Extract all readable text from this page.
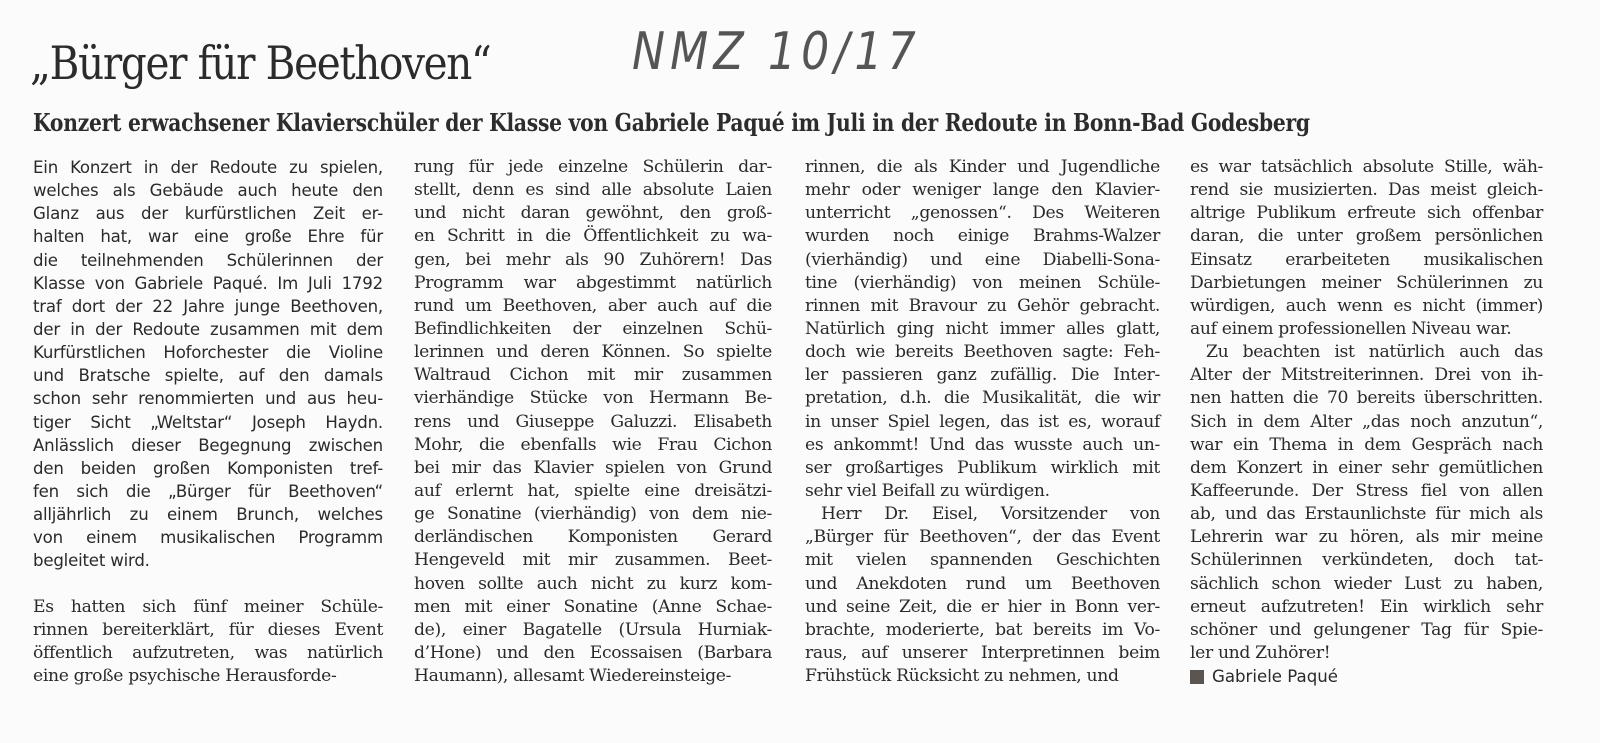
„Bürger für Beethoven“	NMZ 10/17
Konzert erwachsener Klavierschüler der Klasse von Gabriele Paqué im Juli in der Redoute in Bonn-Bad Godesberg
Ein Konzert in der Redoute zu spielen,
welches als Gebäude auch heute den
Glanz aus der kurfürstlichen Zeit er-
halten hat, war eine große Ehre für
die teilnehmenden Schülerinnen der
Klasse von Gabriele Paqué. Im Juli 1792
traf dort der 22 Jahre junge Beethoven,
der in der Redoute zusammen mit dem
Kurfürstlichen Hoforchester die Violine
und Bratsche spielte, auf den damals
schon sehr renommierten und aus heu-
tiger Sicht „Weltstar“ Joseph Haydn.
Anlässlich dieser Begegnung zwischen
den beiden großen Komponisten tref-
fen sich die „Bürger für Beethoven“
alljährlich zu einem Brunch, welches
von einem musikalischen Programm
begleitet wird.
Es hatten sich fünf meiner Schüle-
rinnen bereiterklärt, für dieses Event
öffentlich aufzutreten, was natürlich
eine große psychische Herausforde-
rung für jede einzelne Schülerin dar-
stellt, denn es sind alle absolute Laien
und nicht daran gewöhnt, den groß-
en Schritt in die Öffentlichkeit zu wa-
gen, bei mehr als 90 Zuhörern! Das
Programm war abgestimmt natürlich
rund um Beethoven, aber auch auf die
Befindlichkeiten der einzelnen Schü-
lerinnen und deren Können. So spielte
Waltraud Cichon mit mir zusammen
vierhändige Stücke von Hermann Be-
rens und Giuseppe Galuzzi. Elisabeth
Mohr, die ebenfalls wie Frau Cichon
bei mir das Klavier spielen von Grund
auf erlernt hat, spielte eine dreisätzi-
ge Sonatine (vierhändig) von dem nie-
derländischen Komponisten Gerard
Hengeveld mit mir zusammen. Beet-
hoven sollte auch nicht zu kurz kom-
men mit einer Sonatine (Anne Schae-
de), einer Bagatelle (Ursula Hurniak-
d’Hone) und den Ecossaisen (Barbara
Haumann), allesamt Wiedereinsteige-
rinnen, die als Kinder und Jugendliche
mehr oder weniger lange den Klavier-
unterricht „genossen“. Des Weiteren
wurden noch einige Brahms-Walzer
(vierhändig) und eine Diabelli-Sona-
tine (vierhändig) von meinen Schüle-
rinnen mit Bravour zu Gehör gebracht.
Natürlich ging nicht immer alles glatt,
doch wie bereits Beethoven sagte: Feh-
ler passieren ganz zufällig. Die Inter-
pretation, d.h. die Musikalität, die wir
in unser Spiel legen, das ist es, worauf
es ankommt! Und das wusste auch un-
ser großartiges Publikum wirklich mit
sehr viel Beifall zu würdigen.
Herr Dr. Eisel, Vorsitzender von
„Bürger für Beethoven“, der das Event
mit vielen spannenden Geschichten
und Anekdoten rund um Beethoven
und seine Zeit, die er hier in Bonn ver-
brachte, moderierte, bat bereits im Vo-
raus, auf unserer Interpretinnen beim
Frühstück Rücksicht zu nehmen, und
es war tatsächlich absolute Stille, wäh-
rend sie musizierten. Das meist gleich-
altrige Publikum erfreute sich offenbar
daran, die unter großem persönlichen
Einsatz erarbeiteten musikalischen
Darbietungen meiner Schülerinnen zu
würdigen, auch wenn es nicht (immer)
auf einem professionellen Niveau war.
Zu beachten ist natürlich auch das
Alter der Mitstreiterinnen. Drei von ih-
nen hatten die 70 bereits überschritten.
Sich in dem Alter „das noch anzutun“,
war ein Thema in dem Gespräch nach
dem Konzert in einer sehr gemütlichen
Kaffeerunde. Der Stress fiel von allen
ab, und das Erstaunlichste für mich als
Lehrerin war zu hören, als mir meine
Schülerinnen verkündeten, doch tat-
sächlich schon wieder Lust zu haben,
erneut aufzutreten! Ein wirklich sehr
schöner und gelungener Tag für Spie-
ler und Zuhörer!
Gabriele Paqué
